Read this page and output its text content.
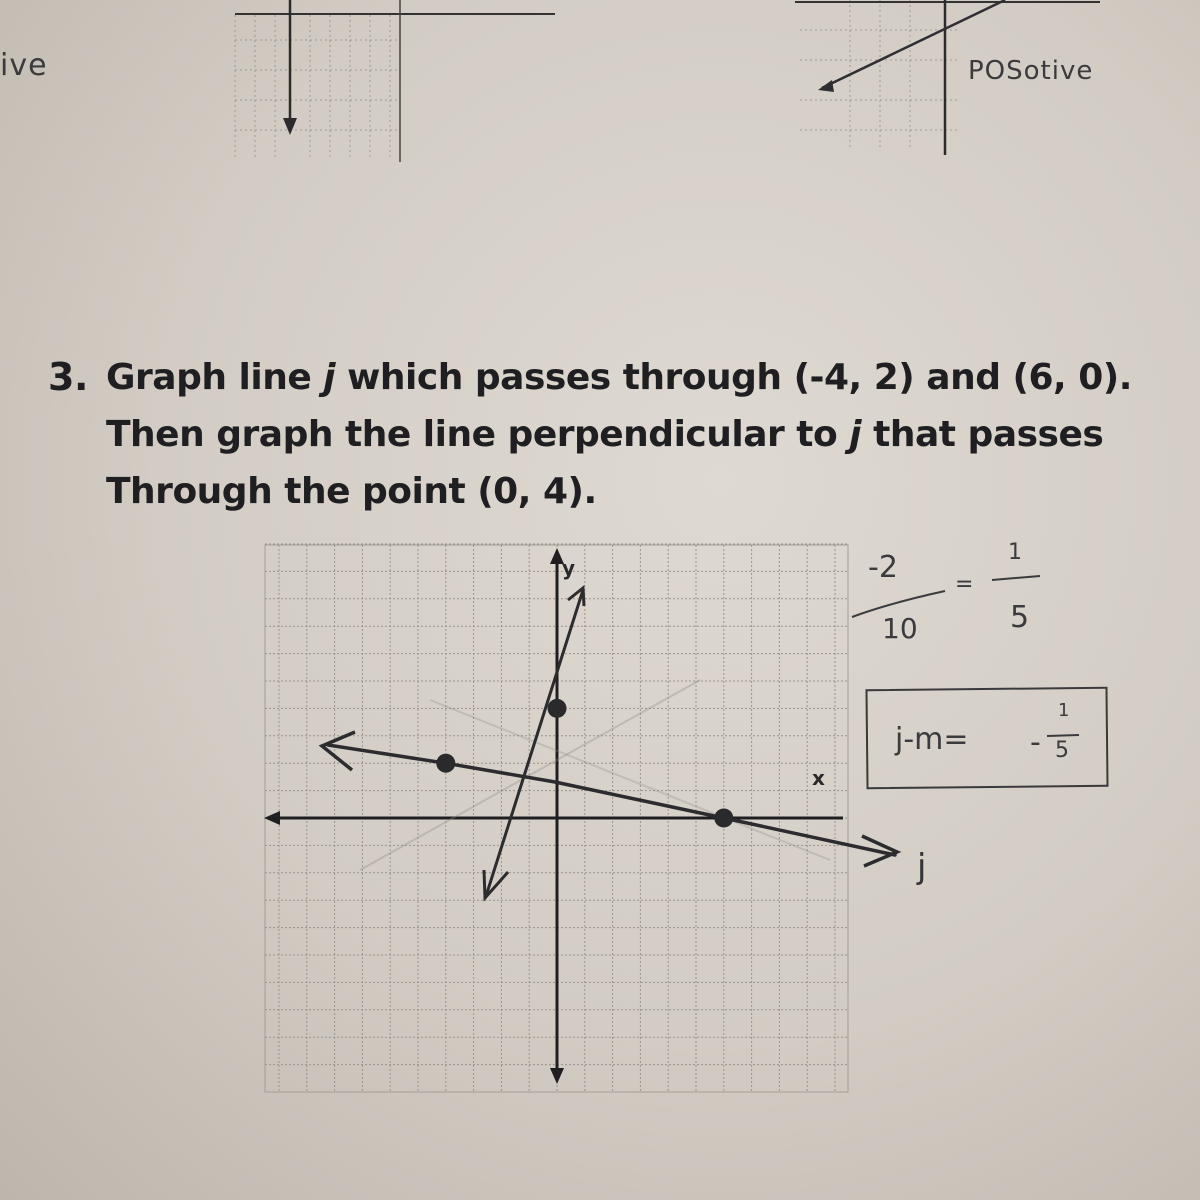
ive	POSotive
3. Graph line j which passes through (-4, 2) and (6, 0).
Then graph the line perpendicular to j that passes
Through the point (0, 4).
x
y
j
-2
10
=
1
5
j-m= -
1
5
